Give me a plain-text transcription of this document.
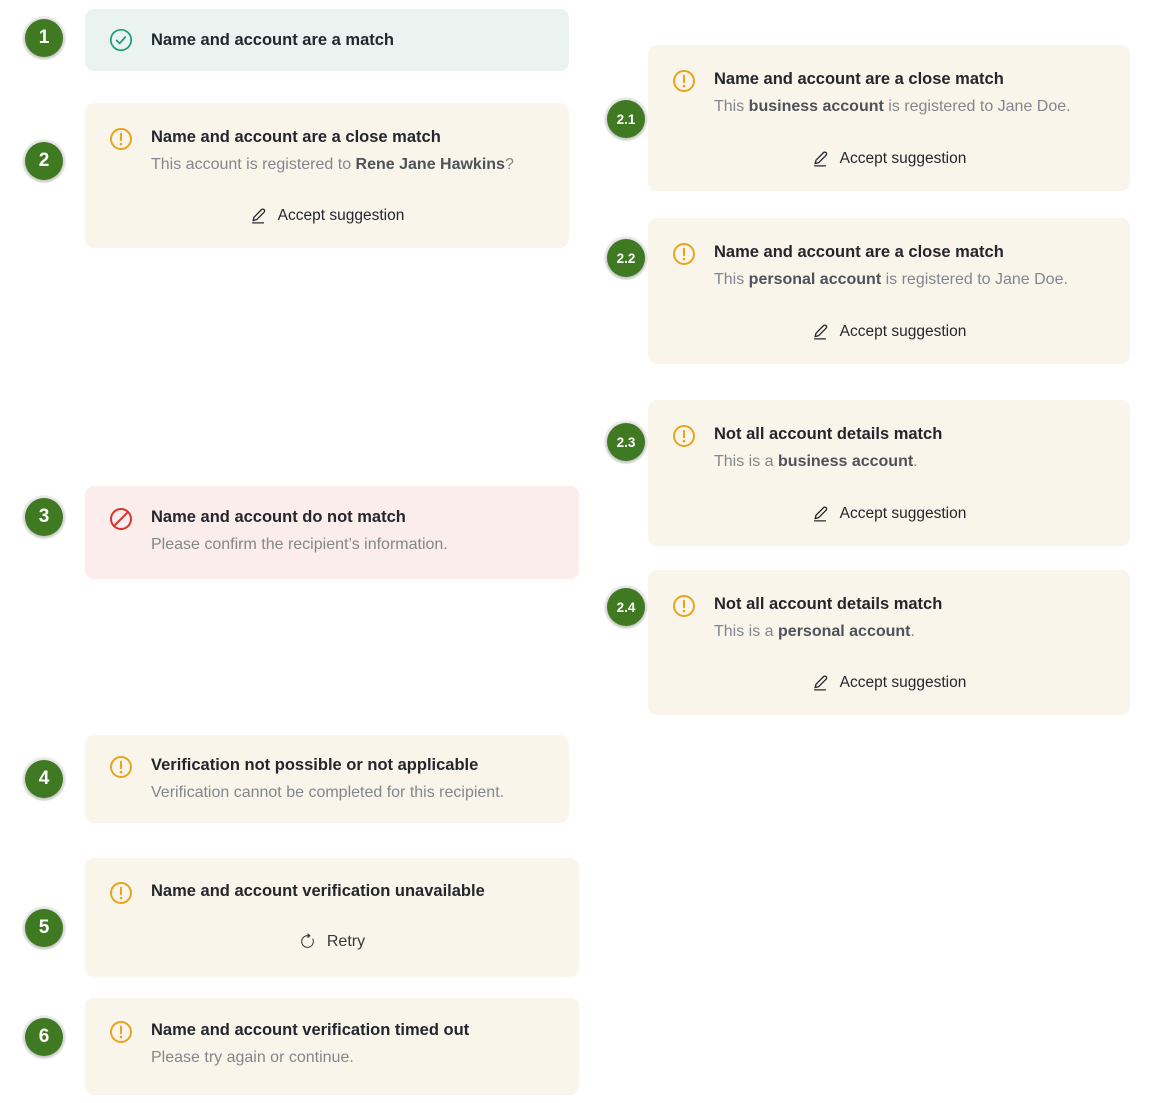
1
2
3
4
5
6
2.1
2.2
2.3
2.4
Name and account are a match
Name and account are a close match
This account is registered to Rene Jane Hawkins?
Accept suggestion
Name and account do not match
Please confirm the recipient’s information.
Verification not possible or not applicable
Verification cannot be completed for this recipient.
Name and account verification unavailable
Retry
Name and account verification timed out
Please try again or continue.
Name and account are a close match
This business account is registered to Jane Doe.
Accept suggestion
Name and account are a close match
This personal account is registered to Jane Doe.
Accept suggestion
Not all account details match
This is a business account.
Accept suggestion
Not all account details match
This is a personal account.
Accept suggestion
